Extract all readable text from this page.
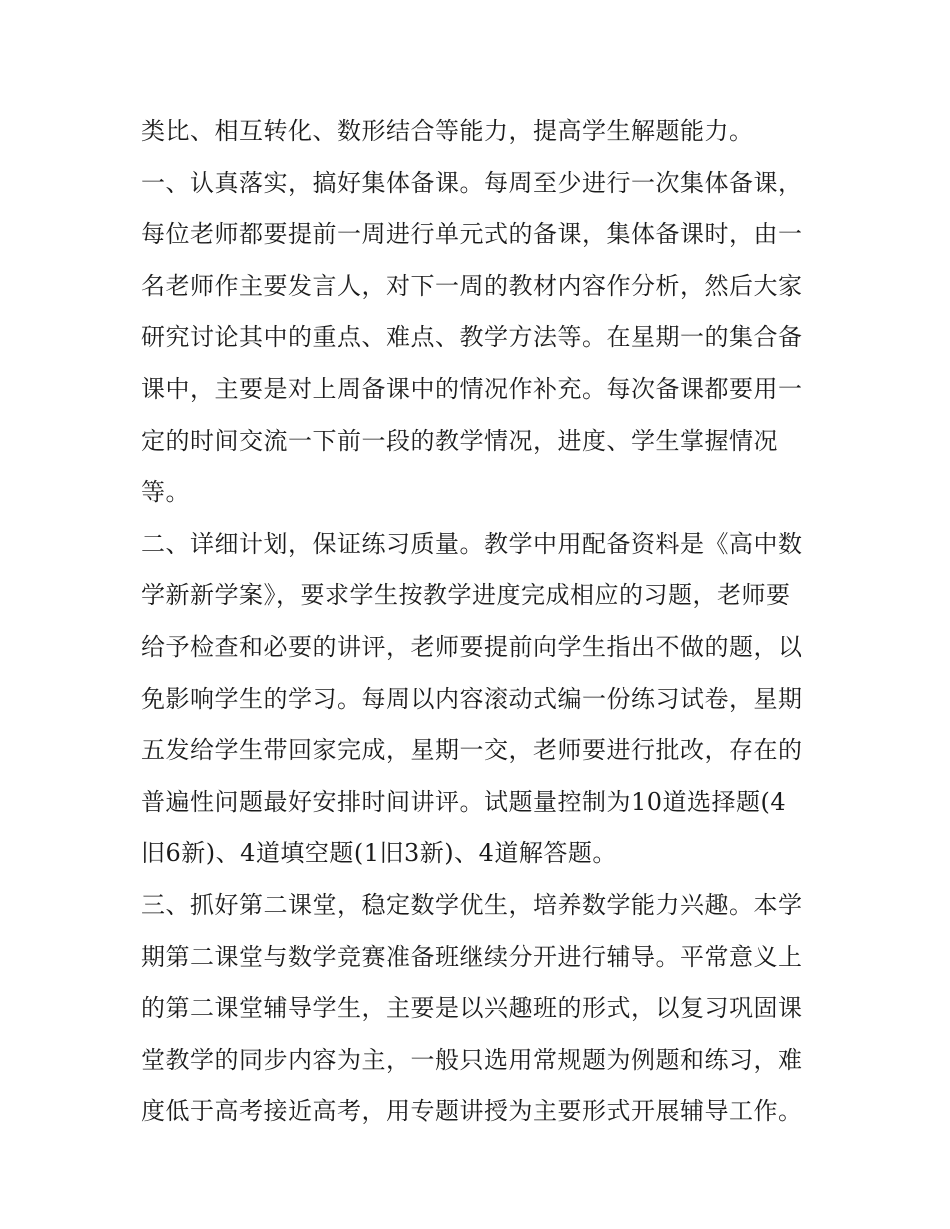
类比、相互转化、数形结合等能力，提高学生解题能力。
一、认真落实，搞好集体备课。每周至少进行一次集体备课，
每位老师都要提前一周进行单元式的备课，集体备课时，由一
名老师作主要发言人，对下一周的教材内容作分析，然后大家
研究讨论其中的重点、难点、教学方法等。在星期一的集合备
课中，主要是对上周备课中的情况作补充。每次备课都要用一
定的时间交流一下前一段的教学情况，进度、学生掌握情况
等。
二、详细计划，保证练习质量。教学中用配备资料是《高中数
学新新学案》，要求学生按教学进度完成相应的习题，老师要
给予检查和必要的讲评，老师要提前向学生指出不做的题，以
免影响学生的学习。每周以内容滚动式编一份练习试卷，星期
五发给学生带回家完成，星期一交，老师要进行批改，存在的
普遍性问题最好安排时间讲评。试题量控制为10道选择题(4
旧6新)、4道填空题(1旧3新)、4道解答题。
三、抓好第二课堂，稳定数学优生，培养数学能力兴趣。本学
期第二课堂与数学竞赛准备班继续分开进行辅导。平常意义上
的第二课堂辅导学生，主要是以兴趣班的形式，以复习巩固课
堂教学的同步内容为主，一般只选用常规题为例题和练习，难
度低于高考接近高考，用专题讲授为主要形式开展辅导工作。
